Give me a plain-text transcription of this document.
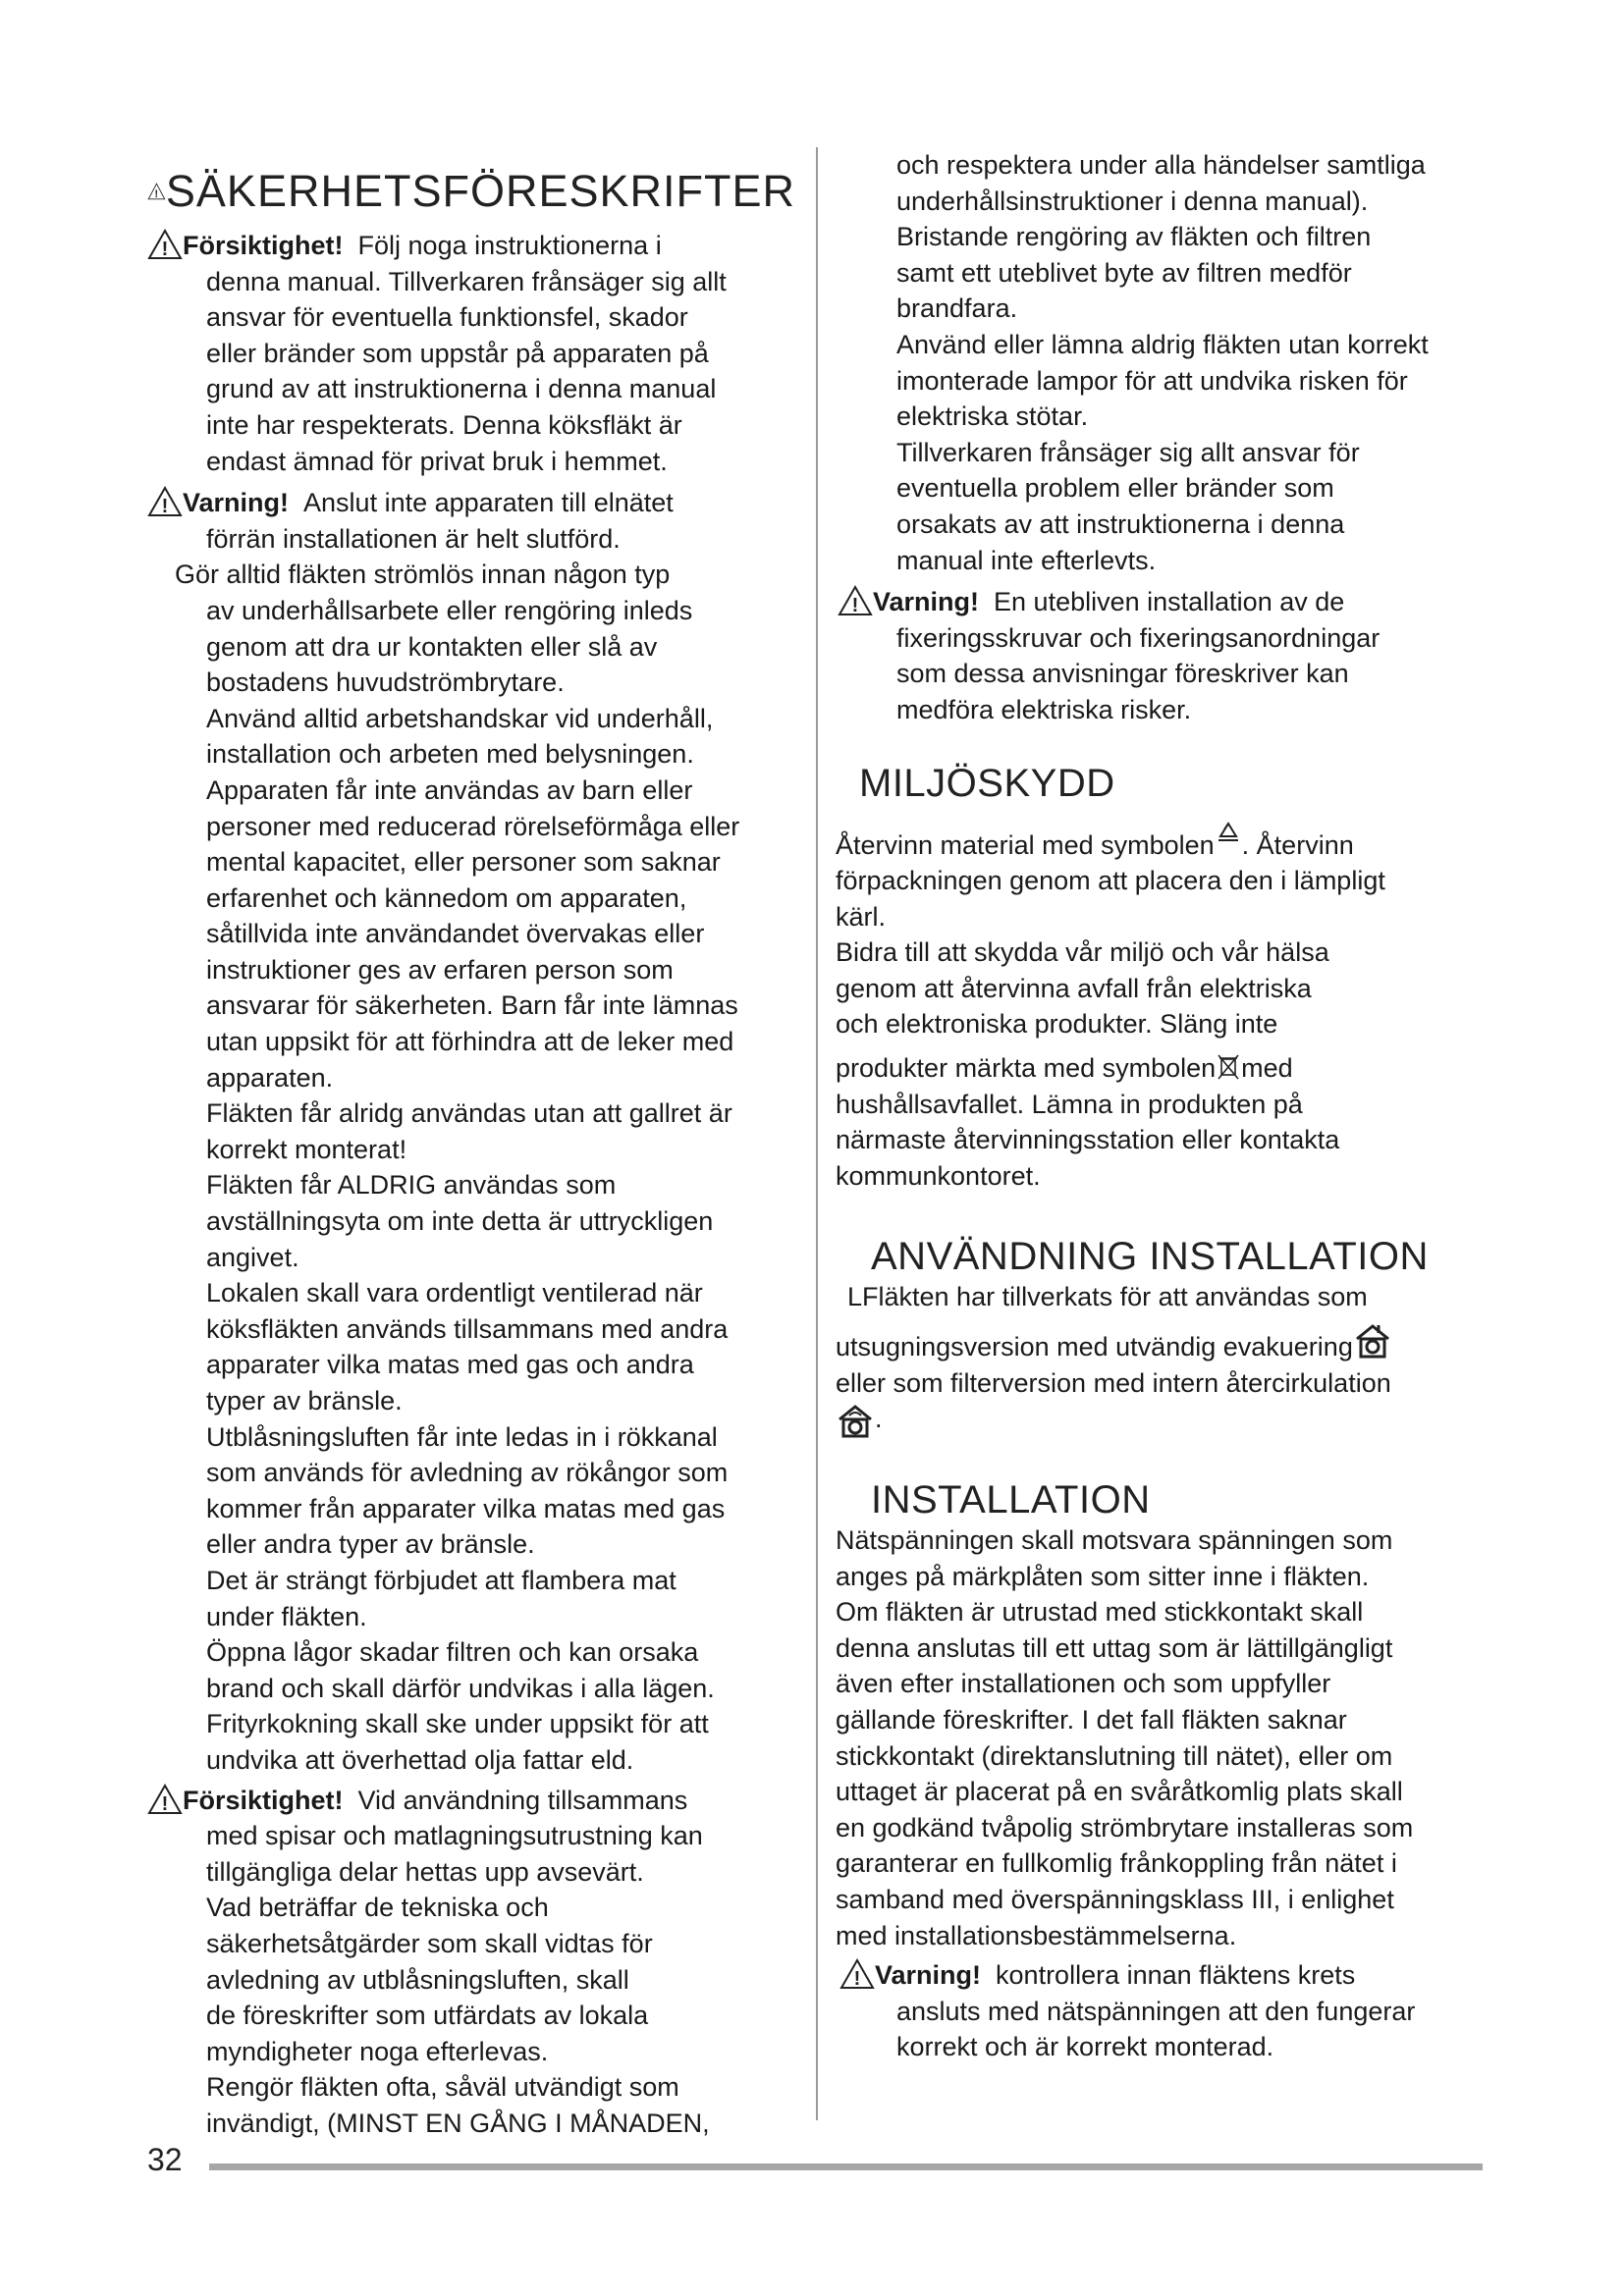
! SÄKERHETSFÖRESKRIFTER
! Försiktighet! Följ noga instruktionerna i

denna manual. Tillverkaren frånsäger sig allt

ansvar för eventuella funktionsfel, skador

eller bränder som uppstår på apparaten på

grund av att instruktionerna i denna manual

inte har respekterats. Denna köksfläkt är

endast ämnad för privat bruk i hemmet.

! Varning! Anslut inte apparaten till elnätet

förrän installationen är helt slutförd.

Gör alltid fläkten strömlös innan någon typ

av underhållsarbete eller rengöring inleds

genom att dra ur kontakten eller slå av

bostadens huvudströmbrytare.

Använd alltid arbetshandskar vid underhåll,

installation och arbeten med belysningen.

Apparaten får inte användas av barn eller

personer med reducerad rörelseförmåga eller

mental kapacitet, eller personer som saknar

erfarenhet och kännedom om apparaten,

såtillvida inte användandet övervakas eller

instruktioner ges av erfaren person som

ansvarar för säkerheten. Barn får inte lämnas

utan uppsikt för att förhindra att de leker med

apparaten.

Fläkten får alridg användas utan att gallret är

korrekt monterat!

Fläkten får ALDRIG användas som

avställningsyta om inte detta är uttryckligen

angivet.

Lokalen skall vara ordentligt ventilerad när

köksfläkten används tillsammans med andra

apparater vilka matas med gas och andra

typer av bränsle.

Utblåsningsluften får inte ledas in i rökkanal

som används för avledning av rökångor som

kommer från apparater vilka matas med gas

eller andra typer av bränsle.

Det är strängt förbjudet att flambera mat

under fläkten.

Öppna lågor skadar filtren och kan orsaka

brand och skall därför undvikas i alla lägen.

Frityrkokning skall ske under uppsikt för att

undvika att överhettad olja fattar eld.

! Försiktighet! Vid användning tillsammans

med spisar och matlagningsutrustning kan

tillgängliga delar hettas upp avsevärt.

Vad beträffar de tekniska och

säkerhetsåtgärder som skall vidtas för

avledning av utblåsningsluften, skall

de föreskrifter som utfärdats av lokala

myndigheter noga efterlevas.

Rengör fläkten ofta, såväl utvändigt som

invändigt, (MINST EN GÅNG I MÅNADEN,

och respektera under alla händelser samtliga

underhållsinstruktioner i denna manual).

Bristande rengöring av fläkten och filtren

samt ett uteblivet byte av filtren medför

brandfara.

Använd eller lämna aldrig fläkten utan korrekt

imonterade lampor för att undvika risken för

elektriska stötar.

Tillverkaren frånsäger sig allt ansvar för

eventuella problem eller bränder som

orsakats av att instruktionerna i denna

manual inte efterlevts.

! Varning! En utebliven installation av de

fixeringsskruvar och fixeringsanordningar

som dessa anvisningar föreskriver kan

medföra elektriska risker.

MILJÖSKYDD

Återvinn material med symbolen . Återvinn

förpackningen genom att placera den i lämpligt

kärl.

Bidra till att skydda vår miljö och vår hälsa

genom att återvinna avfall från elektriska

och elektroniska produkter. Släng inte

produkter märkta med symbolen med

hushållsavfallet. Lämna in produkten på

närmaste återvinningsstation eller kontakta

kommunkontoret.

ANVÄNDNING INSTALLATION

LFläkten har tillverkats för att användas som

utsugningsversion med utvändig evakuering

eller som filterversion med intern återcirkulation

.

INSTALLATION

Nätspänningen skall motsvara spänningen som

anges på märkplåten som sitter inne i fläkten.

Om fläkten är utrustad med stickkontakt skall

denna anslutas till ett uttag som är lättillgängligt

även efter installationen och som uppfyller

gällande föreskrifter. I det fall fläkten saknar

stickkontakt (direktanslutning till nätet), eller om

uttaget är placerat på en svåråtkomlig plats skall

en godkänd tvåpolig strömbrytare installeras som

garanterar en fullkomlig frånkoppling från nätet i

samband med överspänningsklass III, i enlighet

med installationsbestämmelserna.

! Varning! kontrollera innan fläktens krets

ansluts med nätspänningen att den fungerar

korrekt och är korrekt monterad.

32
